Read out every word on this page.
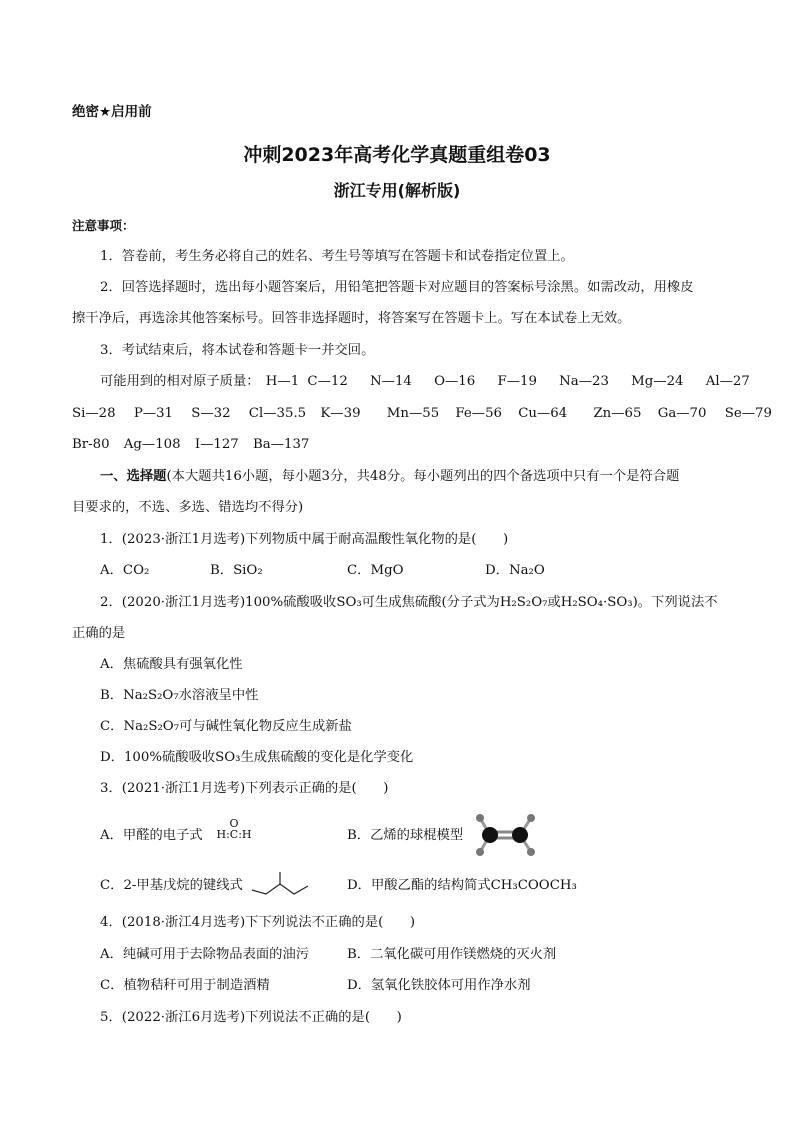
绝密★启用前
冲刺2023年高考化学真题重组卷03
浙江专用(解析版)
注意事项：
1．答卷前，考生务必将自己的姓名、考生号等填写在答题卡和试卷指定位置上。
2．回答选择题时，选出每小题答案后，用铅笔把答题卡对应题目的答案标号涂黑。如需改动，用橡皮
擦干净后，再选涂其他答案标号。回答非选择题时，将答案写在答题卡上。写在本试卷上无效。
3．考试结束后，将本试卷和答题卡一并交回。
可能用到的相对原子质量： H—1 C—12 N—14 O—16 F—19 Na—23 Mg—24 Al—27
Si—28 P—31 S—32 Cl—35.5 K—39 Mn—55 Fe—56 Cu—64 Zn—65 Ga—70 Se—79
Br-80 Ag—108 I—127 Ba—137
一、选择题(本大题共16小题，每小题3分，共48分。每小题列出的四个备选项中只有一个是符合题
目要求的，不选、多选、错选均不得分)
1．(2023·浙江1月选考)下列物质中属于耐高温酸性氧化物的是(　　)
A．CO₂	B．SiO₂	C．MgO	D．Na₂O
2．(2020·浙江1月选考)100%硫酸吸收SO₃可生成焦硫酸(分子式为H₂S₂O₇或H₂SO₄·SO₃)。下列说法不
正确的是
A．焦硫酸具有强氧化性
B．Na₂S₂O₇水溶液呈中性
C．Na₂S₂O₇可与碱性氧化物反应生成新盐
D．100%硫酸吸收SO₃生成焦硫酸的变化是化学变化
3．(2021·浙江1月选考)下列表示正确的是(　　)
A．甲醛的电子式
O
H:C:H	B．乙烯的球棍模型
C．2-甲基戊烷的键线式	D．甲酸乙酯的结构简式CH₃COOCH₃
4．(2018·浙江4月选考)下下列说法不正确的是(　　)
A．纯碱可用于去除物品表面的油污	B．二氧化碳可用作镁燃烧的灭火剂
C．植物秸秆可用于制造酒精	D．氢氧化铁胶体可用作净水剂
5．(2022·浙江6月选考)下列说法不正确的是(　　)
